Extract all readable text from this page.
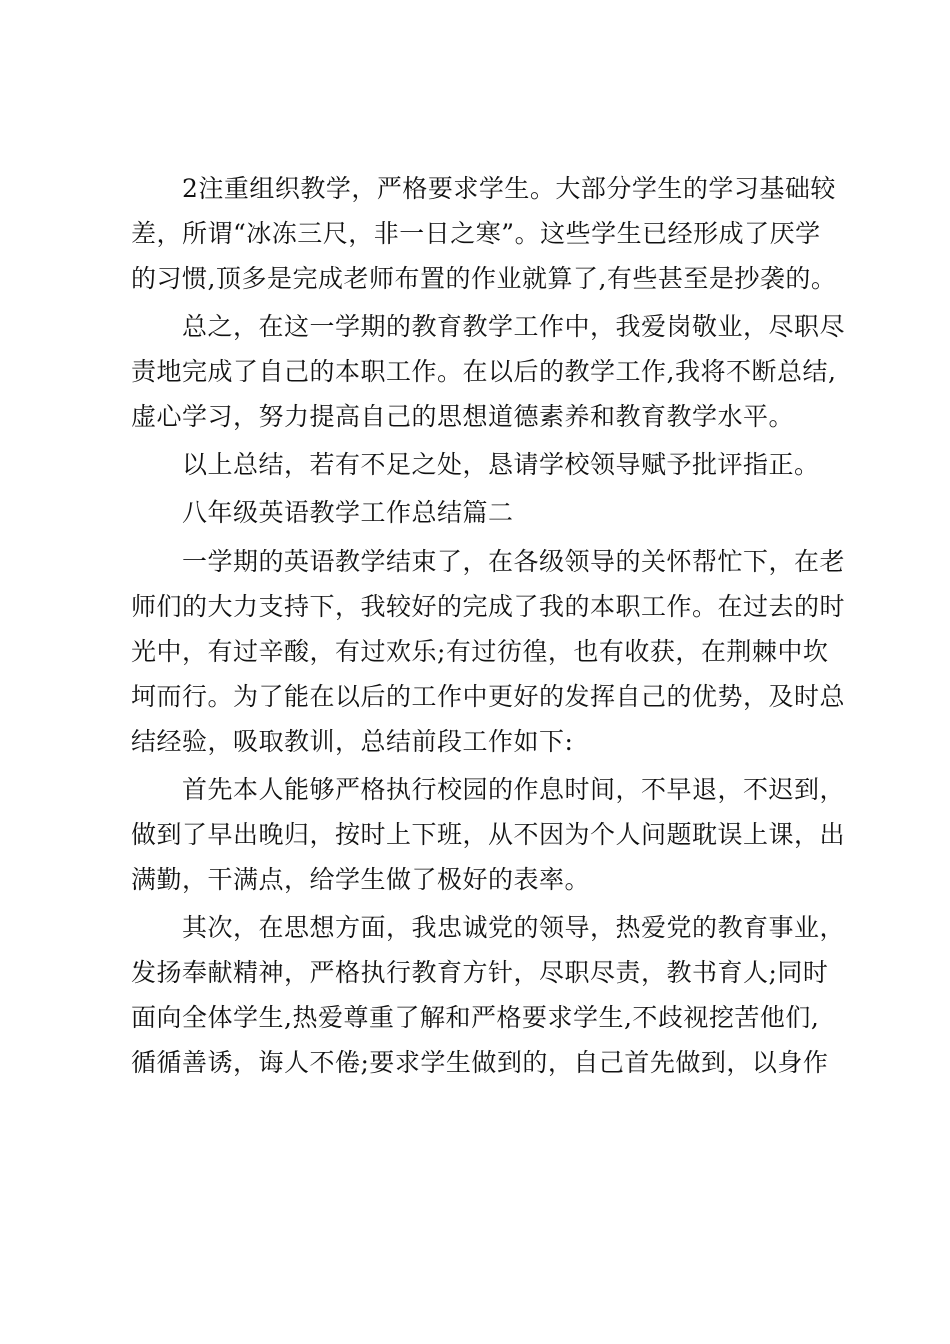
　　2注重组织教学，严格要求学生。大部分学生的学习基础较
差，所谓“冰冻三尺，非一日之寒”。这些学生已经形成了厌学
的习惯,顶多是完成老师布置的作业就算了,有些甚至是抄袭的。

　　总之，在这一学期的教育教学工作中，我爱岗敬业，尽职尽
责地完成了自己的本职工作。在以后的教学工作,我将不断总结,
虚心学习，努力提高自己的思想道德素养和教育教学水平。

　　以上总结，若有不足之处，恳请学校领导赋予批评指正。

　　八年级英语教学工作总结篇二

　　一学期的英语教学结束了，在各级领导的关怀帮忙下，在老
师们的大力支持下，我较好的完成了我的本职工作。在过去的时
光中，有过辛酸，有过欢乐;有过彷徨，也有收获，在荆棘中坎
坷而行。为了能在以后的工作中更好的发挥自己的优势，及时总
结经验，吸取教训，总结前段工作如下:

　　首先本人能够严格执行校园的作息时间，不早退，不迟到，
做到了早出晚归，按时上下班，从不因为个人问题耽误上课，出
满勤，干满点，给学生做了极好的表率。

　　其次，在思想方面，我忠诚党的领导，热爱党的教育事业，
发扬奉献精神，严格执行教育方针，尽职尽责，教书育人;同时
面向全体学生,热爱尊重了解和严格要求学生,不歧视挖苦他们,
循循善诱，诲人不倦;要求学生做到的，自己首先做到，以身作
